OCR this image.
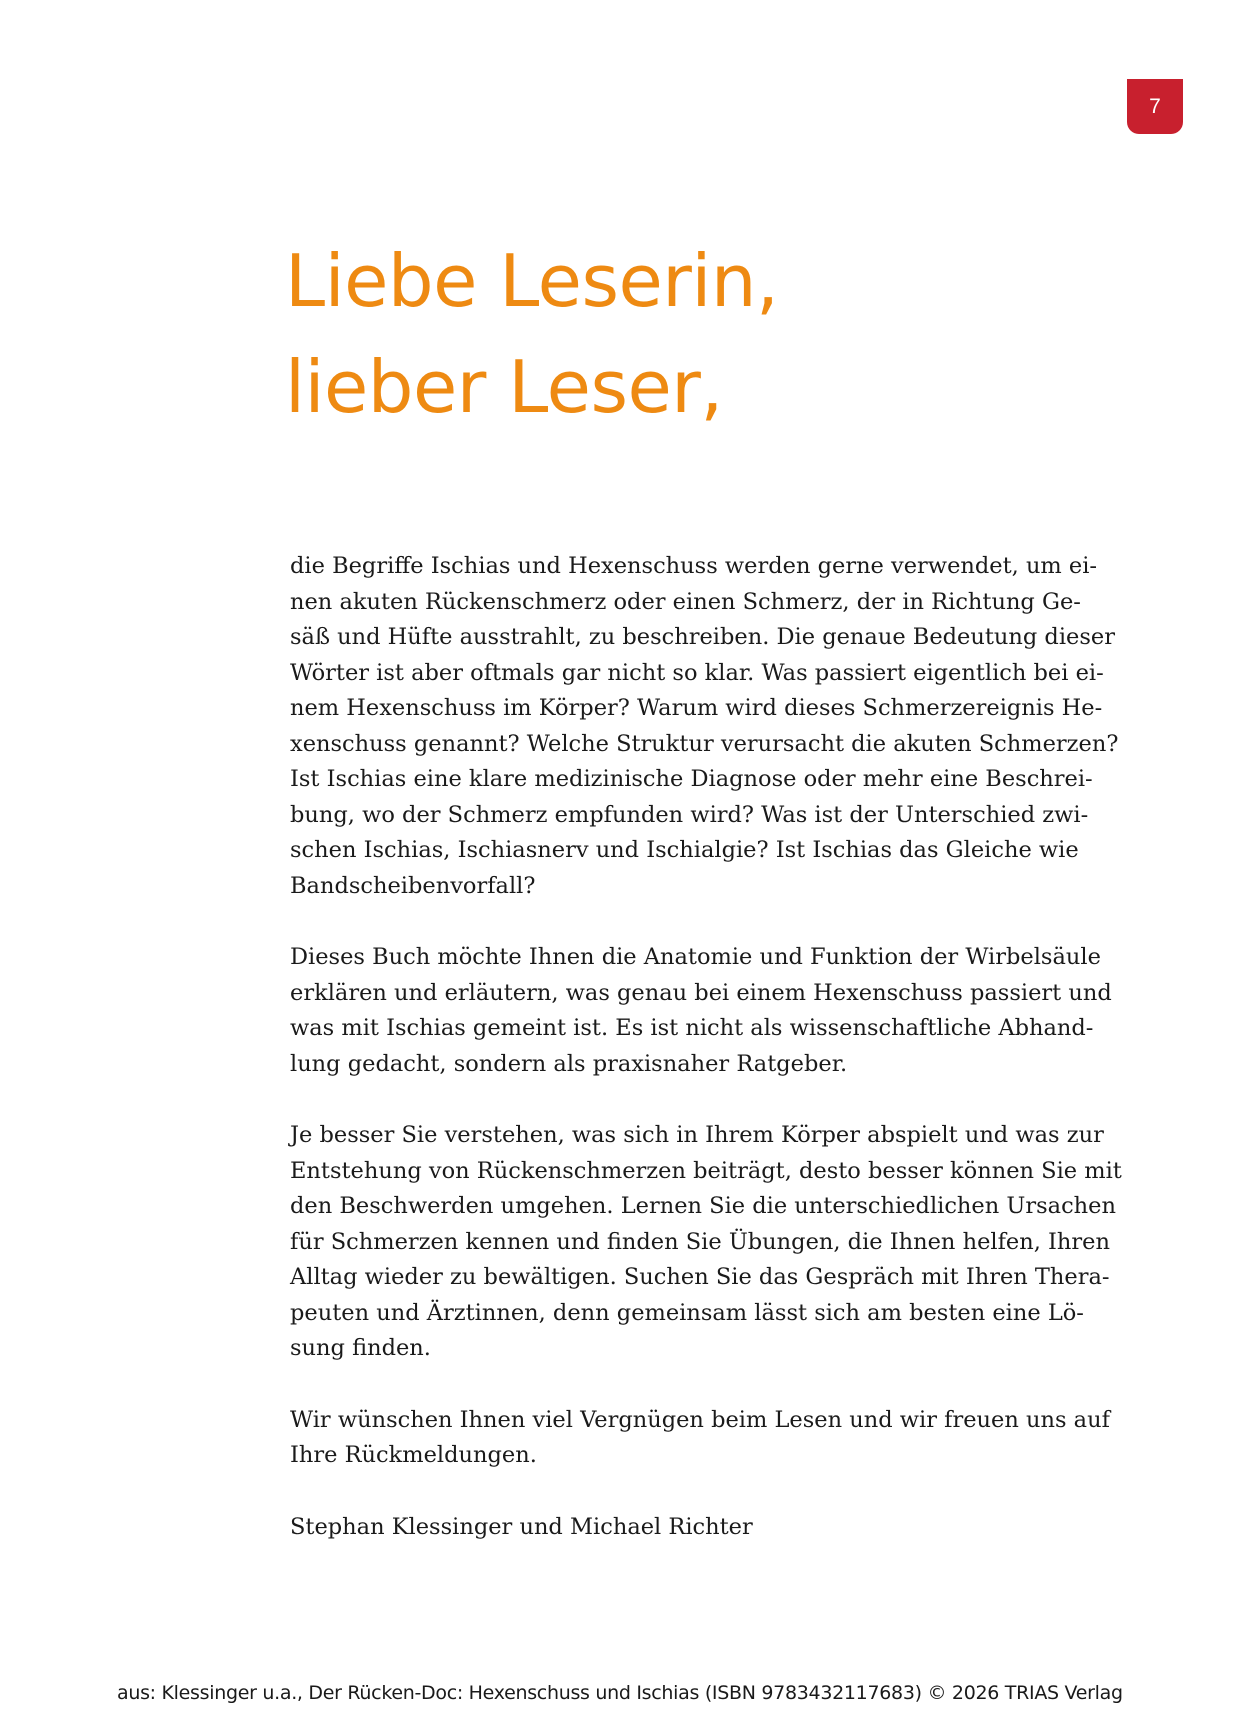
7
Liebe Leserin,
lieber Leser,

die Begriffe Ischias und Hexenschuss werden gerne verwendet, um ei-
nen akuten Rückenschmerz oder einen Schmerz, der in Richtung Ge-
säß und Hüfte ausstrahlt, zu beschreiben. Die genaue Bedeutung dieser
Wörter ist aber oftmals gar nicht so klar. Was passiert eigentlich bei ei-
nem Hexenschuss im Körper? Warum wird dieses Schmerzereignis He-
xenschuss genannt? Welche Struktur verursacht die akuten Schmerzen?
Ist Ischias eine klare medizinische Diagnose oder mehr eine Beschrei-
bung, wo der Schmerz empfunden wird? Was ist der Unterschied zwi-
schen Ischias, Ischiasnerv und Ischialgie? Ist Ischias das Gleiche wie
Bandscheibenvorfall?

Dieses Buch möchte Ihnen die Anatomie und Funktion der Wirbelsäule
erklären und erläutern, was genau bei einem Hexenschuss passiert und
was mit Ischias gemeint ist. Es ist nicht als wissenschaftliche Abhand-
lung gedacht, sondern als praxisnaher Ratgeber.

Je besser Sie verstehen, was sich in Ihrem Körper abspielt und was zur
Entstehung von Rückenschmerzen beiträgt, desto besser können Sie mit
den Beschwerden umgehen. Lernen Sie die unterschiedlichen Ursachen
für Schmerzen kennen und finden Sie Übungen, die Ihnen helfen, Ihren
Alltag wieder zu bewältigen. Suchen Sie das Gespräch mit Ihren Thera-
peuten und Ärztinnen, denn gemeinsam lässt sich am besten eine Lö-
sung finden.

Wir wünschen Ihnen viel Vergnügen beim Lesen und wir freuen uns auf
Ihre Rückmeldungen.

Stephan Klessinger und Michael Richter

aus: Klessinger u.a., Der Rücken-Doc: Hexenschuss und Ischias (ISBN 9783432117683) © 2026 TRIAS Verlag
